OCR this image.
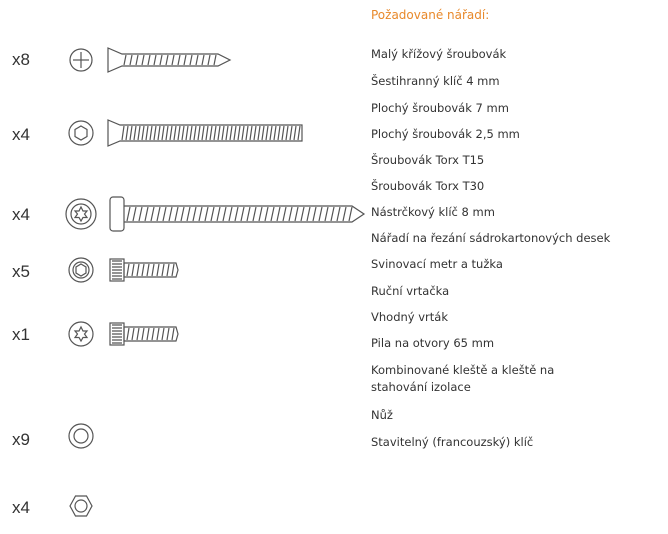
x8
x4
x4
x5
x1
x9
x4
Požadované nářadí:
Malý křížový šroubovák
Šestihranný klíč 4 mm
Plochý šroubovák 7 mm
Plochý šroubovák 2,5 mm
Šroubovák Torx T15
Šroubovák Torx T30
Nástrčkový klíč 8 mm
Nářadí na řezání sádrokartonových desek
Svinovací metr a tužka
Ruční vrtačka
Vhodný vrták
Pila na otvory 65 mm
Kombinované kleště a kleště na
stahování izolace
Nůž
Stavitelný (francouzský) klíč
